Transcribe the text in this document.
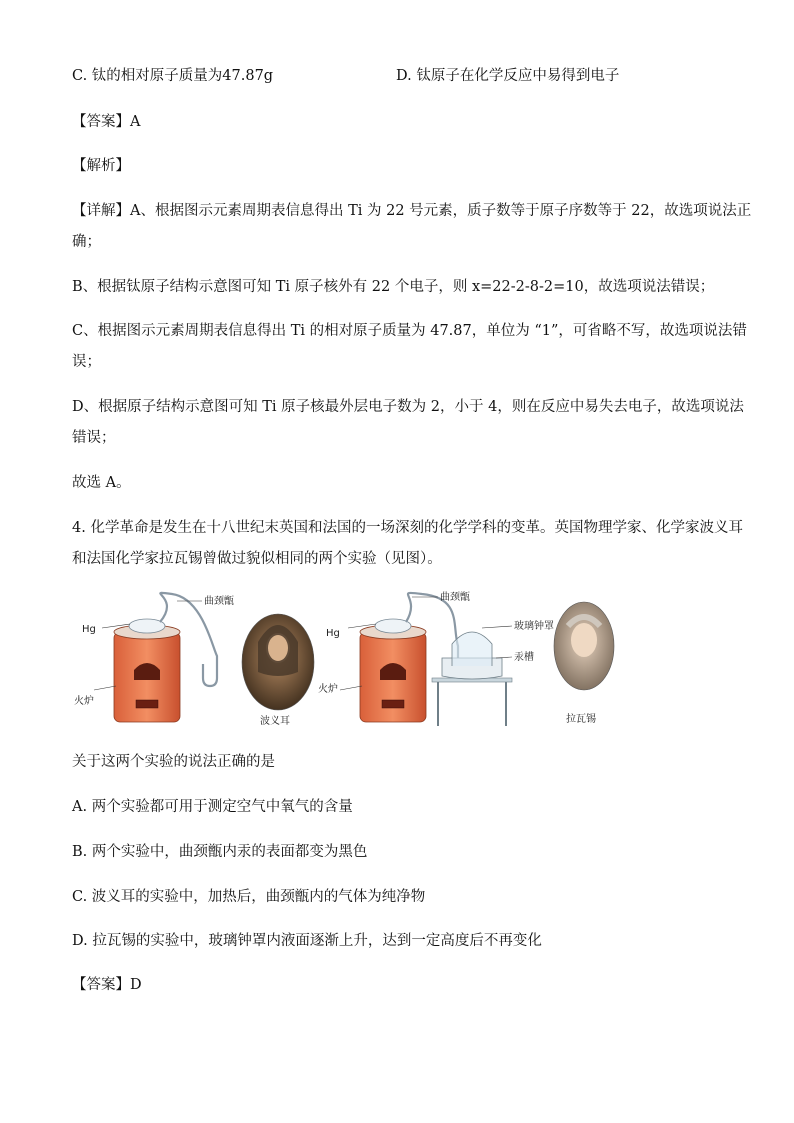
C. 钛的相对原子质量为47.87g	D. 钛原子在化学反应中易得到电子
【答案】A
【解析】
【详解】A、根据图示元素周期表信息得出 Ti 为 22 号元素，质子数等于原子序数等于 22，故选项说法正
确；
B、根据钛原子结构示意图可知 Ti 原子核外有 22 个电子，则 x=22-2-8-2=10，故选项说法错误；
C、根据图示元素周期表信息得出 Ti 的相对原子质量为 47.87，单位为 “1”，可省略不写，故选项说法错
误；
D、根据原子结构示意图可知 Ti 原子核最外层电子数为 2，小于 4，则在反应中易失去电子，故选项说法
错误；
故选 A。
4. 化学革命是发生在十八世纪末英国和法国的一场深刻的化学学科的变革。英国物理学家、化学家波义耳
和法国化学家拉瓦锡曾做过貌似相同的两个实验（见图）。
曲颈甑
Hg
火炉
波义耳
曲颈甑
玻璃钟罩
汞槽
Hg
火炉
拉瓦锡
关于这两个实验的说法正确的是
A. 两个实验都可用于测定空气中氧气的含量
B. 两个实验中，曲颈甑内汞的表面都变为黑色
C. 波义耳的实验中，加热后，曲颈甑内的气体为纯净物
D. 拉瓦锡的实验中，玻璃钟罩内液面逐渐上升，达到一定高度后不再变化
【答案】D
